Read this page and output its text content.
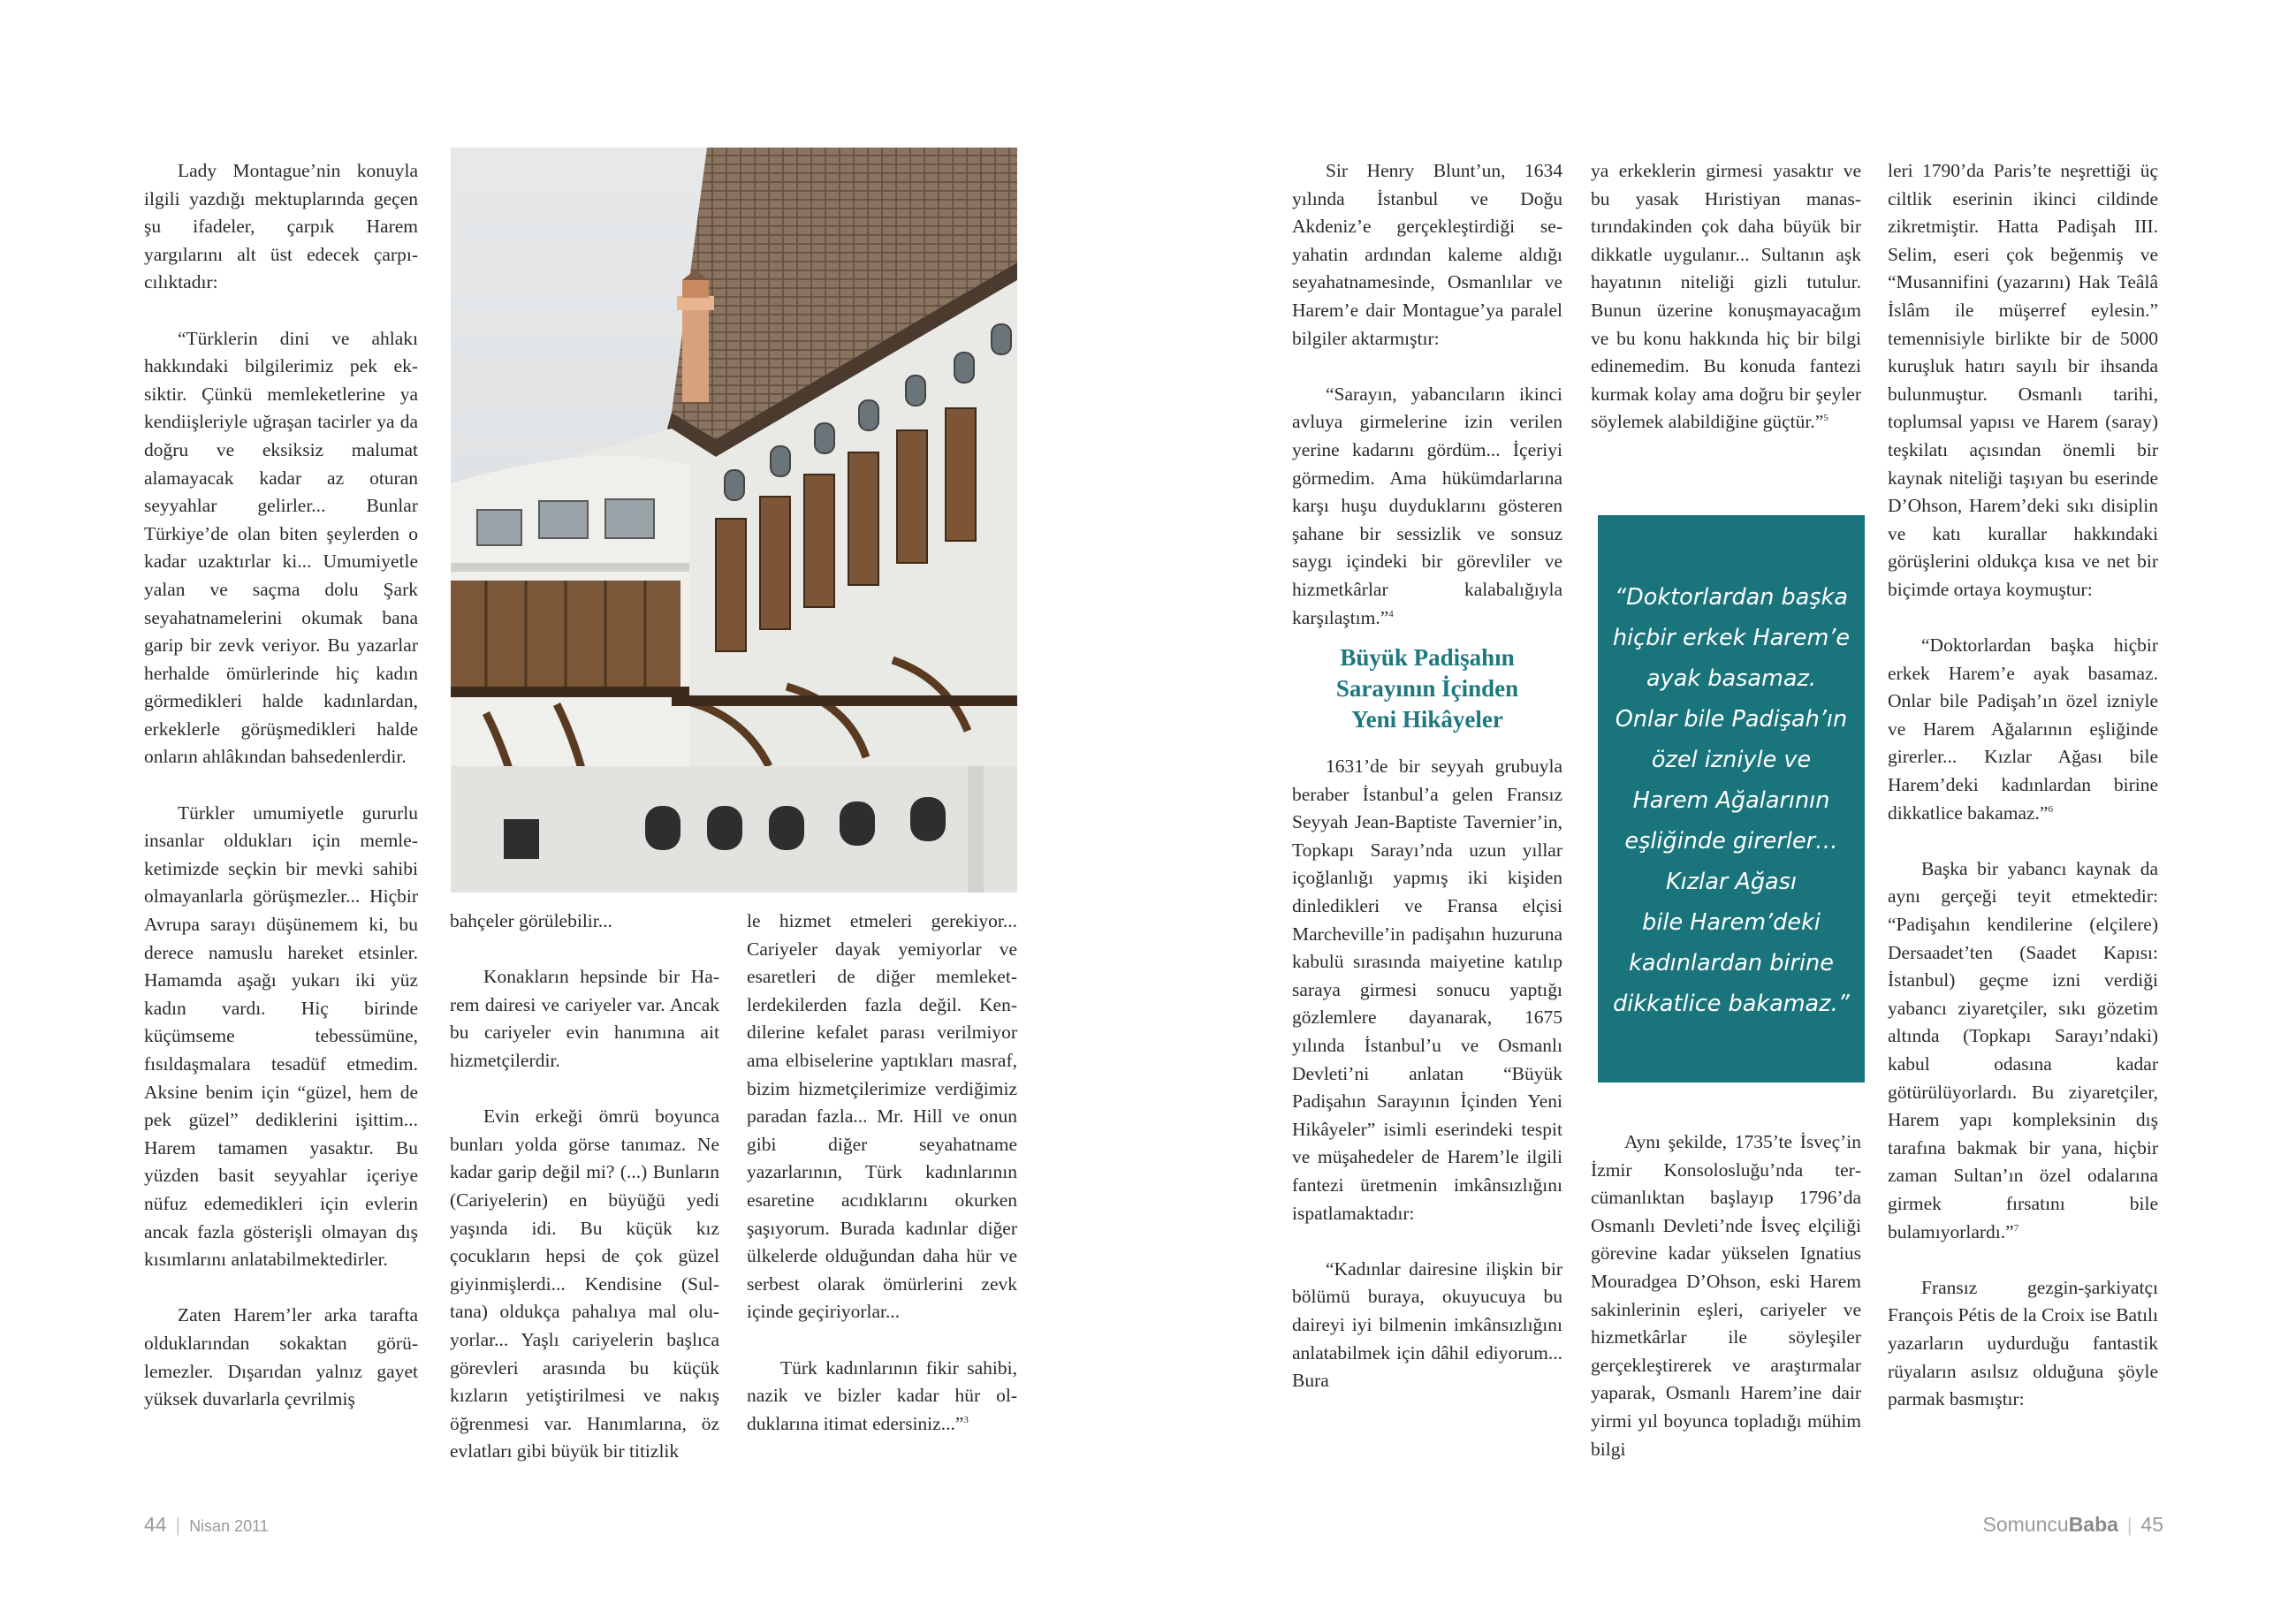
Lady Montague’nin konuyla ilgili yazdığı mektuplarında geçen şu ifadeler, çarpık Harem yargılarını alt üst edecek çarpıcılıktadır:

“Türklerin dini ve ahlakı hakkındaki bilgilerimiz pek eksiktir. Çünkü memleketlerine ya kendiişleriyle uğraşan tacirler ya da doğru ve eksiksiz malumat alamayacak kadar az oturan seyyahlar gelirler... Bunlar Türkiye’de olan biten şeylerden o kadar uzaktırlar ki... Umumiyetle yalan ve saçma dolu Şark seyahatnamelerini okumak bana garip bir zevk veriyor. Bu yazarlar herhalde ömürlerinde hiç kadın görmedikleri halde kadınlardan, erkeklerle görüşmedikleri halde onların ahlâkından bahsedenlerdir.

Türkler umumiyetle gururlu insanlar oldukları için memleketimizde seçkin bir mevki sahibi olmayanlarla görüşmezler... Hiçbir Avrupa sarayı düşünemem ki, bu derece namuslu hareket etsinler. Hamamda aşağı yukarı iki yüz kadın vardı. Hiç birinde küçümseme tebessümüne, fısıldaşmalara tesadüf etmedim. Aksine benim için “güzel, hem de pek güzel” dediklerini işittim... Harem tamamen yasaktır. Bu yüzden basit seyyahlar içeriye nüfuz edemedikleri için evlerin ancak fazla gösterişli olmayan dış kısımlarını anlatabilmektedirler.

Zaten Harem’ler arka tarafta olduklarından sokaktan görülemezler. Dışarıdan yalnız gayet yüksek duvarlarla çevrilmiş

bahçeler görülebilir...

Konakların hepsinde bir Harem dairesi ve cariyeler var. Ancak bu cariyeler evin hanımına ait hizmetçilerdir.

Evin erkeği ömrü boyunca bunları yolda görse tanımaz. Ne kadar garip değil mi? (...) Bunların (Cariyelerin) en büyüğü yedi yaşında idi. Bu küçük kız çocukların hepsi de çok güzel giyinmişlerdi... Kendisine (Sultana) oldukça pahalıya mal oluyorlar... Yaşlı cariyelerin başlıca görevleri arasında bu küçük kızların yetiştirilmesi ve nakış öğrenmesi var. Hanımlarına, öz evlatları gibi büyük bir titizlik

le hizmet etmeleri gerekiyor... Cariyeler dayak yemiyorlar ve esaretleri de diğer memleketlerdekilerden fazla değil. Kendilerine kefalet parası verilmiyor ama elbiselerine yaptıkları masraf, bizim hizmetçilerimize verdiğimiz paradan fazla... Mr. Hill ve onun gibi diğer seyahatname yazarlarının, Türk kadınlarının esaretine acıdıklarını okurken şaşıyorum. Burada kadınlar diğer ülkelerde olduğundan daha hür ve serbest olarak ömürlerini zevk içinde geçiriyorlar...

Türk kadınlarının fikir sahibi, nazik ve bizler kadar hür olduklarına itimat edersiniz...”$^3$

44 | Nisan 2011

Sir Henry Blunt’un, 1634 yılında İstanbul ve Doğu Akdeniz’e gerçekleştirdiği seyahatin ardından kaleme aldığı seyahatnamesinde, Osmanlılar ve Harem’e dair Montague’ya paralel bilgiler aktarmıştır:

“Sarayın, yabancıların ikinci avluya girmelerine izin verilen yerine kadarını gördüm... İçeriyi görmedim. Ama hükümdarlarına karşı huşu duyduklarını gösteren şahane bir sessizlik ve sonsuz saygı içindeki bir görevliler ve hizmetkârlar kalabalığıyla karşılaştım.”$^4$

Büyük Padişahın
Sarayının İçinden
Yeni Hikâyeler

1631’de bir seyyah grubuyla beraber İstanbul’a gelen Fransız Seyyah Jean-Baptiste Tavernier’in, Topkapı Sarayı’nda uzun yıllar içoğlanlığı yapmış iki kişiden dinledikleri ve Fransa elçisi Marcheville’in padişahın huzuruna kabulü sırasında maiyetine katılıp saraya girmesi sonucu yaptığı gözlemlere dayanarak, 1675 yılında İstanbul’u ve Osmanlı Devleti’ni anlatan “Büyük Padişahın Sarayının İçinden Yeni Hikâyeler” isimli eserindeki tespit ve müşahedeler de Harem’le ilgili fantezi üretmenin imkânsızlığını ispatlamaktadır:

“Kadınlar dairesine ilişkin bir bölümü buraya, okuyucuya bu daireyi iyi bilmenin imkânsızlığını anlatabilmek için dâhil ediyorum... Bura

ya erkeklerin girmesi yasaktır ve bu yasak Hıristiyan manastırındakinden çok daha büyük bir dikkatle uygulanır... Sultanın aşk hayatının niteliği gizli tutulur. Bunun üzerine konuşmayacağım ve bu konu hakkında hiç bir bilgi edinemedim. Bu konuda fantezi kurmak kolay ama doğru bir şeyler söylemek alabildiğine güçtür.”$^5$

“Doktorlardan başka
hiçbir erkek Harem’e
ayak basamaz.
Onlar bile Padişah’ın
özel izniyle ve
Harem Ağalarının
eşliğinde girerler…
Kızlar Ağası
bile Harem’deki
kadınlardan birine
dikkatlice bakamaz.”

Aynı şekilde, 1735’te İsveç’in İzmir Konsolosluğu’nda tercümanlıktan başlayıp 1796’da Osmanlı Devleti’nde İsveç elçiliği görevine kadar yükselen Ignatius Mouradgea D’Ohson, eski Harem sakinlerinin eşleri, cariyeler ve hizmetkârlar ile söyleşiler gerçekleştirerek ve araştırmalar yaparak, Osmanlı Harem’ine dair yirmi yıl boyunca topladığı mühim bilgi

leri 1790’da Paris’te neşrettiği üç ciltlik eserinin ikinci cildinde zikretmiştir. Hatta Padişah III. Selim, eseri çok beğenmiş ve “Musannifini (yazarını) Hak Teâlâ İslâm ile müşerref eylesin.” temennisiyle birlikte bir de 5000 kuruşluk hatırı sayılı bir ihsanda bulunmuştur. Osmanlı tarihi, toplumsal yapısı ve Harem (saray) teşkilatı açısından önemli bir kaynak niteliği taşıyan bu eserinde D’Ohson, Harem’deki sıkı disiplin ve katı kurallar hakkındaki görüşlerini oldukça kısa ve net bir biçimde ortaya koymuştur:

“Doktorlardan başka hiçbir erkek Harem’e ayak basamaz. Onlar bile Padişah’ın özel izniyle ve Harem Ağalarının eşliğinde girerler... Kızlar Ağası bile Harem’deki kadınlardan birine dikkatlice bakamaz.”$^6$

Başka bir yabancı kaynak da aynı gerçeği teyit etmektedir: “Padişahın kendilerine (elçilere) Dersaadet’ten (Saadet Kapısı: İstanbul) geçme izni verdiği yabancı ziyaretçiler, sıkı gözetim altında (Topkapı Sarayı’ndaki) kabul odasına kadar götürülüyorlardı. Bu ziyaretçiler, Harem yapı kompleksinin dış tarafına bakmak bir yana, hiçbir zaman Sultan’ın özel odalarına girmek fırsatını bile bulamıyorlardı.”$^7$

Fransız gezgin-şarkiyatçı François Pétis de la Croix ise Batılı yazarların uydurduğu fantastik rüyaların asılsız olduğuna şöyle parmak basmıştır:

SomuncuBaba | 45
